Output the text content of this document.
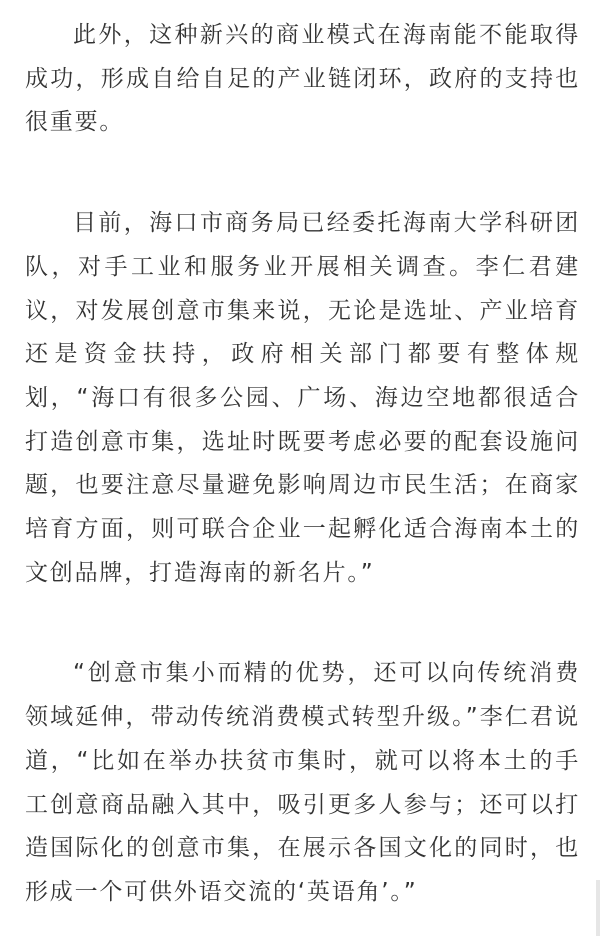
此外，这种新兴的商业模式在海南能不能取得成功，形成自给自足的产业链闭环，政府的支持也很重要。

目前，海口市商务局已经委托海南大学科研团队，对手工业和服务业开展相关调查。李仁君建议，对发展创意市集来说，无论是选址、产业培育还是资金扶持，政府相关部门都要有整体规划，“海口有很多公园、广场、海边空地都很适合打造创意市集，选址时既要考虑必要的配套设施问题，也要注意尽量避免影响周边市民生活；在商家培育方面，则可联合企业一起孵化适合海南本土的文创品牌，打造海南的新名片。”

“创意市集小而精的优势，还可以向传统消费领域延伸，带动传统消费模式转型升级。”李仁君说道，“比如在举办扶贫市集时，就可以将本土的手工创意商品融入其中，吸引更多人参与；还可以打造国际化的创意市集，在展示各国文化的同时，也形成一个可供外语交流的‘英语角’。”
